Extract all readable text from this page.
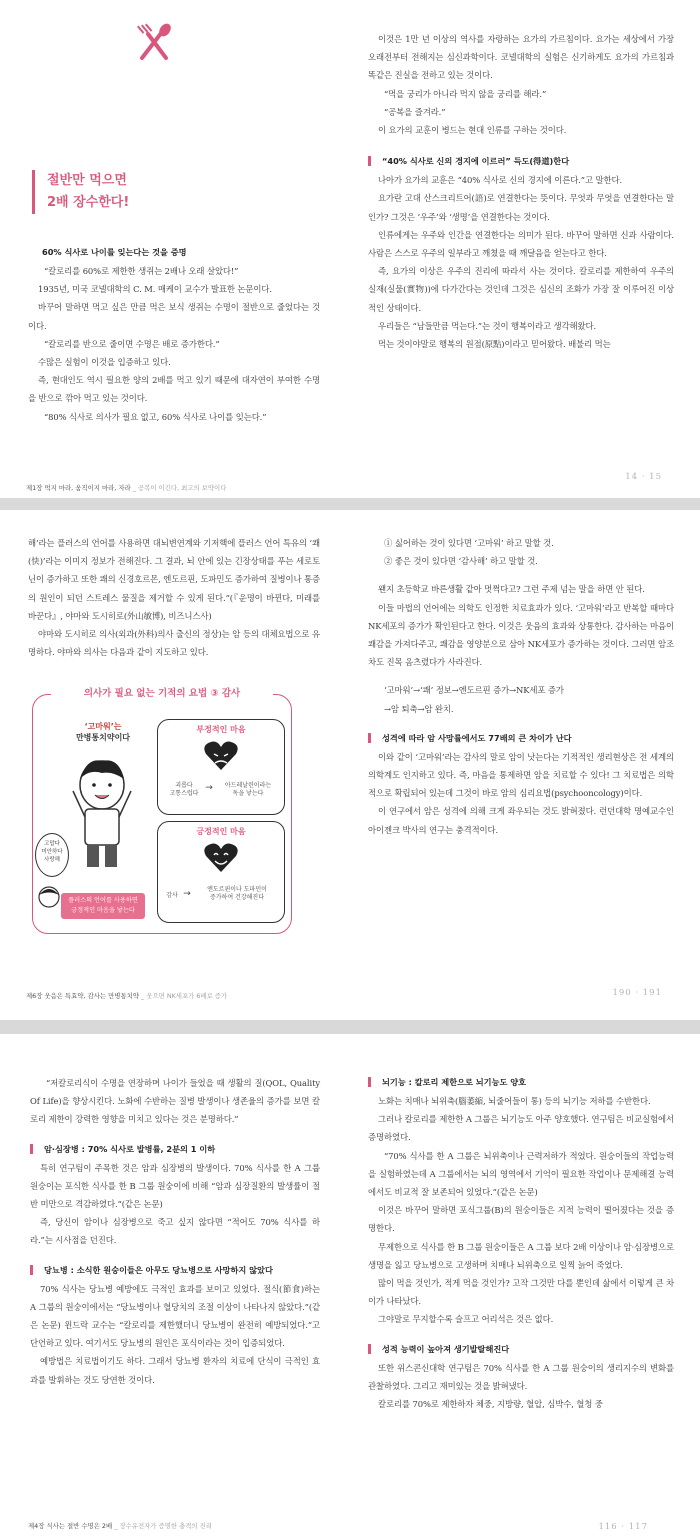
절반만 먹으면
2배 장수한다!
60% 식사로 나이를 잊는다는 것을 증명

“칼로리를 60%로 제한한 생쥐는 2배나 오래 살았다!”

1935년, 미국 코넬대학의 C. M. 매케이 교수가 발표한 논문이다.

바꾸어 말하면 먹고 싶은 만큼 먹은 보식 생쥐는 수명이 절반으로 줄었다는 것이다.

“칼로리를 반으로 줄이면 수명은 배로 증가한다.”

수많은 실험이 이것을 입증하고 있다.

즉, 현대인도 역시 필요한 양의 2배를 먹고 있기 때문에 대자연이 부여한 수명을 반으로 깎아 먹고 있는 것이다.

“80% 식사로 의사가 필요 없고, 60% 식사로 나이를 잊는다.”

제1장 먹지 마라, 움직이지 마라, 자라 _ 공복이 이긴다, 최고의 보약이다

이것은 1만 년 이상의 역사를 자랑하는 요가의 가르침이다. 요가는 세상에서 가장 오래전부터 전해지는 심신과학이다. 코넬대학의 실험은 신기하게도 요가의 가르침과 똑같은 진실을 전하고 있는 것이다.

“먹을 궁리가 아니라 먹지 않을 궁리를 해라.”

“공복을 즐겨라.”

이 요가의 교훈이 병드는 현대 인류를 구하는 것이다.

“40% 식사로 신의 경지에 이르러” 득도(得道)한다

나아가 요가의 교훈은 “40% 식사로 신의 경지에 이른다.”고 말한다.

요가란 고대 산스크리트어(語)로 연결한다는 뜻이다. 무엇과 무엇을 연결한다는 말인가? 그것은 ‘우주’와 ‘생명’을 연결한다는 것이다.

인류에게는 우주와 인간을 연결한다는 의미가 된다. 바꾸어 말하면 신과 사람이다. 사람은 스스로 우주의 일부라고 깨쳤을 때 깨달음을 얻는다고 한다.

즉, 요가의 이상은 우주의 진리에 따라서 사는 것이다. 칼로리를 제한하여 우주의 실재(실물(實物))에 다가간다는 것인데 그것은 심신의 조화가 가장 잘 이루어진 이상적인 상태이다.

우리들은 “남들만큼 먹는다.”는 것이 행복이라고 생각해왔다.

먹는 것이야말로 행복의 원점(原點)이라고 믿어왔다. 배불리 먹는

14 · 15

해’라는 플러스의 언어를 사용하면 대뇌변연계와 기저핵에 플러스 언어 특유의 ‘쾌(快)’라는 이미지 정보가 전해진다. 그 결과, 뇌 안에 있는 긴장상태를 푸는 세로토닌이 증가하고 또한 쾌의 신경호르몬, 엔도르핀, 도파민도 증가하여 질병이나 통증의 원인이 되던 스트레스 물질을 제거할 수 있게 된다.”(『운명이 바뀐다, 미래를 바꾼다』, 야마와 도시히로(外山敏博), 비즈니스사)

야마와 도시히로 의사(외과(外科)의사 출신의 정상)는 암 등의 대체요법으로 유명하다. 야마와 의사는 다음과 같이 지도하고 있다.

의사가 필요 없는 기적의 요법 ③ 감사
‘고마워’는
만병통치약이다
고맙다
미안하다
사랑해
플러스의 언어를 사용하면
긍정적인 마음을 낳는다
부정적인 마음
괴롭다
고통스럽다
→	아드레날린이라는
독을 낳는다
긍정적인 마음
감사 →	엔도르핀이나 도파민이
증가하여 건강해진다
제6장 웃음은 특효약, 감사는 만병통치약 _ 웃으면 NK세포가 6배로 증가

① 싫어하는 것이 있다면 ‘고마워’ 하고 말할 것.

② 좋은 것이 있다면 ‘감사해’ 하고 말할 것.

왠지 초등학교 바른생활 같아 멋쩍다고? 그런 주제 넘는 말을 하면 안 된다.

이들 마법의 언어에는 의학도 인정한 치료효과가 있다. ‘고마워’라고 반복할 때마다 NK세포의 증가가 확인된다고 한다. 이것은 웃음의 효과와 상통한다. 감사하는 마음이 쾌감을 가져다주고, 쾌감을 영양분으로 삼아 NK세포가 증가하는 것이다. 그러면 암조차도 진목 옴츠렸다가 사라진다.

‘고마워’→‘쾌’ 정보→엔도르핀 증가→NK세포 증가

→암 퇴축→암 완치.

성격에 따라 암 사망률에서도 77배의 큰 차이가 난다

이와 같이 ‘고마워’라는 감사의 말로 암이 낫는다는 기적적인 생리현상은 전 세계의 의학계도 인지하고 있다. 즉, 마음을 통제하면 암을 치료할 수 있다! 그 치료법은 의학적으로 확립되어 있는데 그것이 바로 암의 심리요법(psychooncology)이다.

이 연구에서 암은 성격에 의해 크게 좌우되는 것도 밝혀졌다. 런던대학 명예교수인 아이젠크 박사의 연구는 충격적이다.

190 · 191

“저칼로리식이 수명을 연장하며 나이가 들었을 때 생활의 질(QOL, Quality Of Life)을 향상시킨다. 노화에 수반하는 질병 발생이나 생존율의 증가를 보면 칼로리 제한이 강력한 영향을 미치고 있다는 것은 분명하다.”

암·심장병 : 70% 식사로 발병률, 2분의 1 이하

특히 연구팀이 주목한 것은 암과 심장병의 발생이다. 70% 식사를 한 A 그룹 원숭이는 포식한 식사를 한 B 그룹 원숭이에 비해 “암과 심장질환의 발생률이 절반 미만으로 격감하였다.”(같은 논문)

즉, 당신이 암이나 심장병으로 죽고 싶지 않다면 “적어도 70% 식사를 하라.”는 시사점을 던진다.

당뇨병 : 소식한 원숭이들은 아무도 당뇨병으로 사망하지 않았다

70% 식사는 당뇨병 예방에도 극적인 효과를 보이고 있었다. 절식(節食)하는 A 그룹의 원숭이에서는 “당뇨병이나 혈당치의 조절 이상이 나타나지 않았다.”(같은 논문) 윈드락 교수는 “칼로리를 제한했더니 당뇨병이 완전히 예방되었다.”고 단언하고 있다. 여기서도 당뇨병의 원인은 포식이라는 것이 입증되었다.

예방법은 치료법이기도 하다. 그래서 당뇨병 환자의 치료에 단식이 극적인 효과를 발휘하는 것도 당연한 것이다.

제4장 식사는 절반 수명은 2배 _ 장수유전자가 증명한 충격의 진리
뇌기능 : 칼로리 제한으로 뇌기능도 양호

노화는 치매나 뇌위축(腦萎縮, 뇌줄어들이 통) 등의 뇌기능 저하를 수반한다.

그러나 칼로리를 제한한 A 그룹은 뇌기능도 아주 양호했다. 연구팀은 비교실험에서 증명하였다.

“70% 식사를 한 A 그룹은 뇌위축이나 근력저하가 적었다. 원숭이들의 작업능력을 실험하였는데 A 그룹에서는 뇌의 영역에서 기억이 필요한 작업이나 문제해결 능력에서도 비교적 잘 보존되어 있었다.”(같은 논문)

이것은 바꾸어 말하면 포식그룹(B)의 원숭이들은 지적 능력이 떨어졌다는 것을 증명한다.

무제한으로 식사를 한 B 그룹 원숭이들은 A 그룹 보다 2배 이상이나 암·심장병으로 생명을 잃고 당뇨병으로 고생하며 치매나 뇌위축으로 일찍 늙어 죽었다.

많이 먹을 것인가, 적게 먹을 것인가? 고작 그것만 다를 뿐인데 삶에서 이렇게 큰 차이가 나타났다.

그야말로 무지할수록 슬프고 어리석은 것은 없다.

성적 능력이 높아져 생기발랄해진다

또한 위스콘신대학 연구팀은 70% 식사를 한 A 그룹 원숭이의 생리지수의 변화를 관찰하였다. 그리고 재미있는 것을 밝혀냈다.

칼로리를 70%로 제한하자 체중, 지방량, 혈압, 심박수, 혈청 중

116 · 117
